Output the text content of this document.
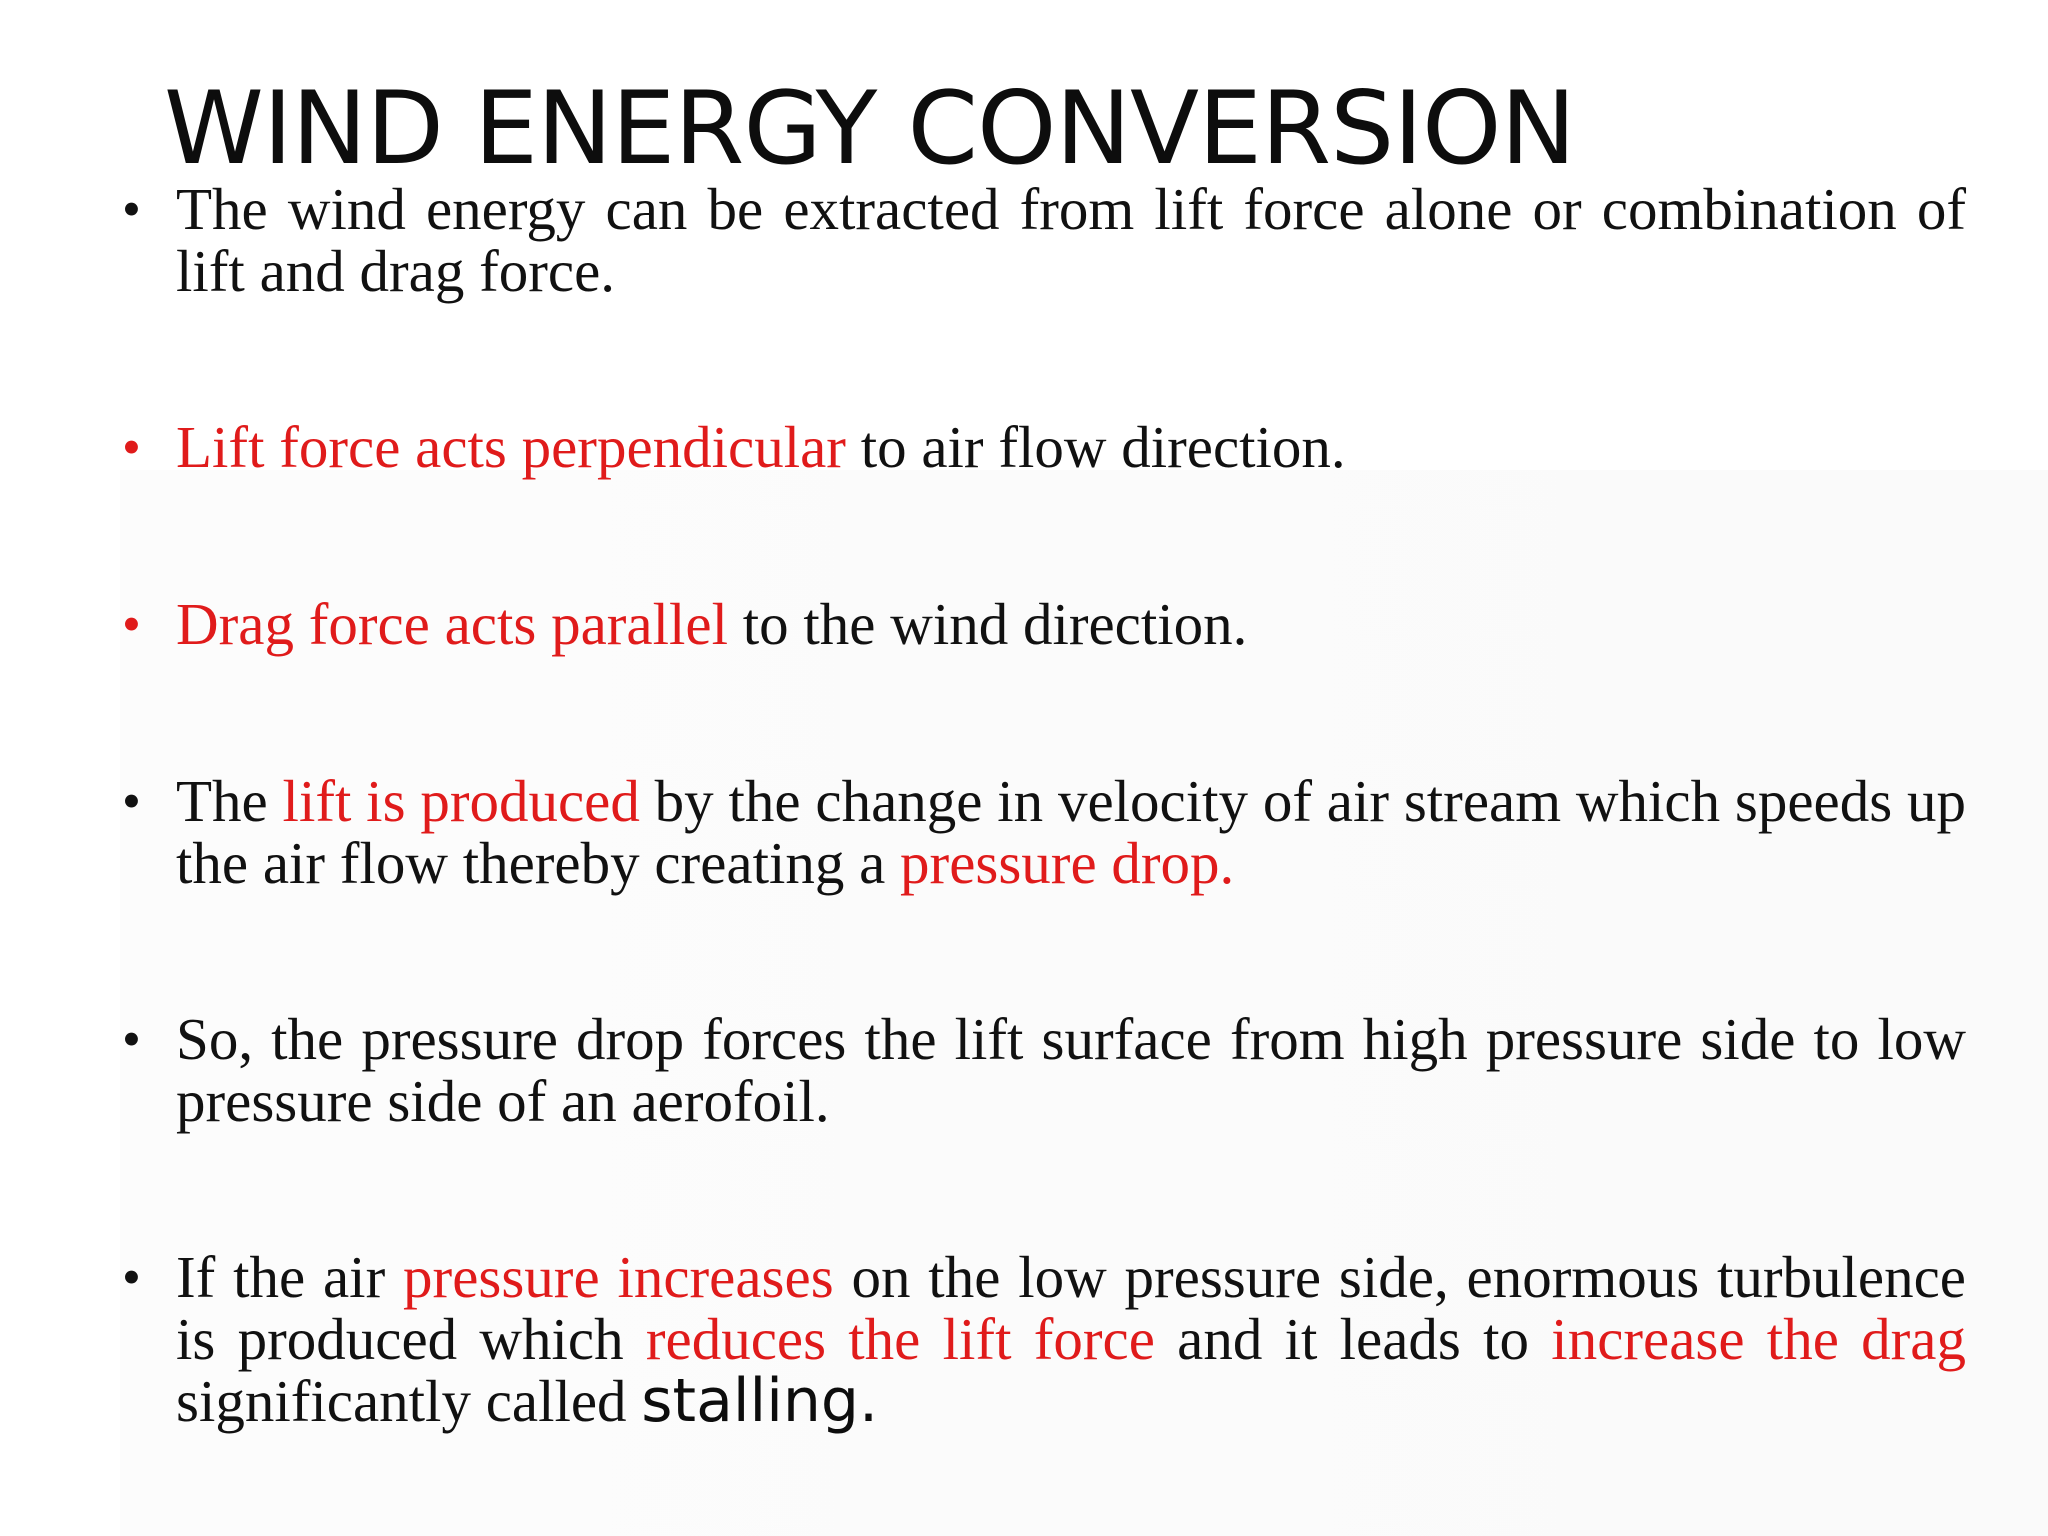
WIND ENERGY CONVERSION
• The wind energy can be extracted from lift force alone or combination of lift and drag force.
• Lift force acts perpendicular to air flow direction.
• Drag force acts parallel to the wind direction.
• The lift is produced by the change in velocity of air stream which speeds up the air flow thereby creating a pressure drop.
• So, the pressure drop forces the lift surface from high pressure side to low pressure side of an aerofoil.
• If the air pressure increases on the low pressure side, enormous turbulence is produced which reduces the lift force and it leads to increase the drag significantly called stalling.
